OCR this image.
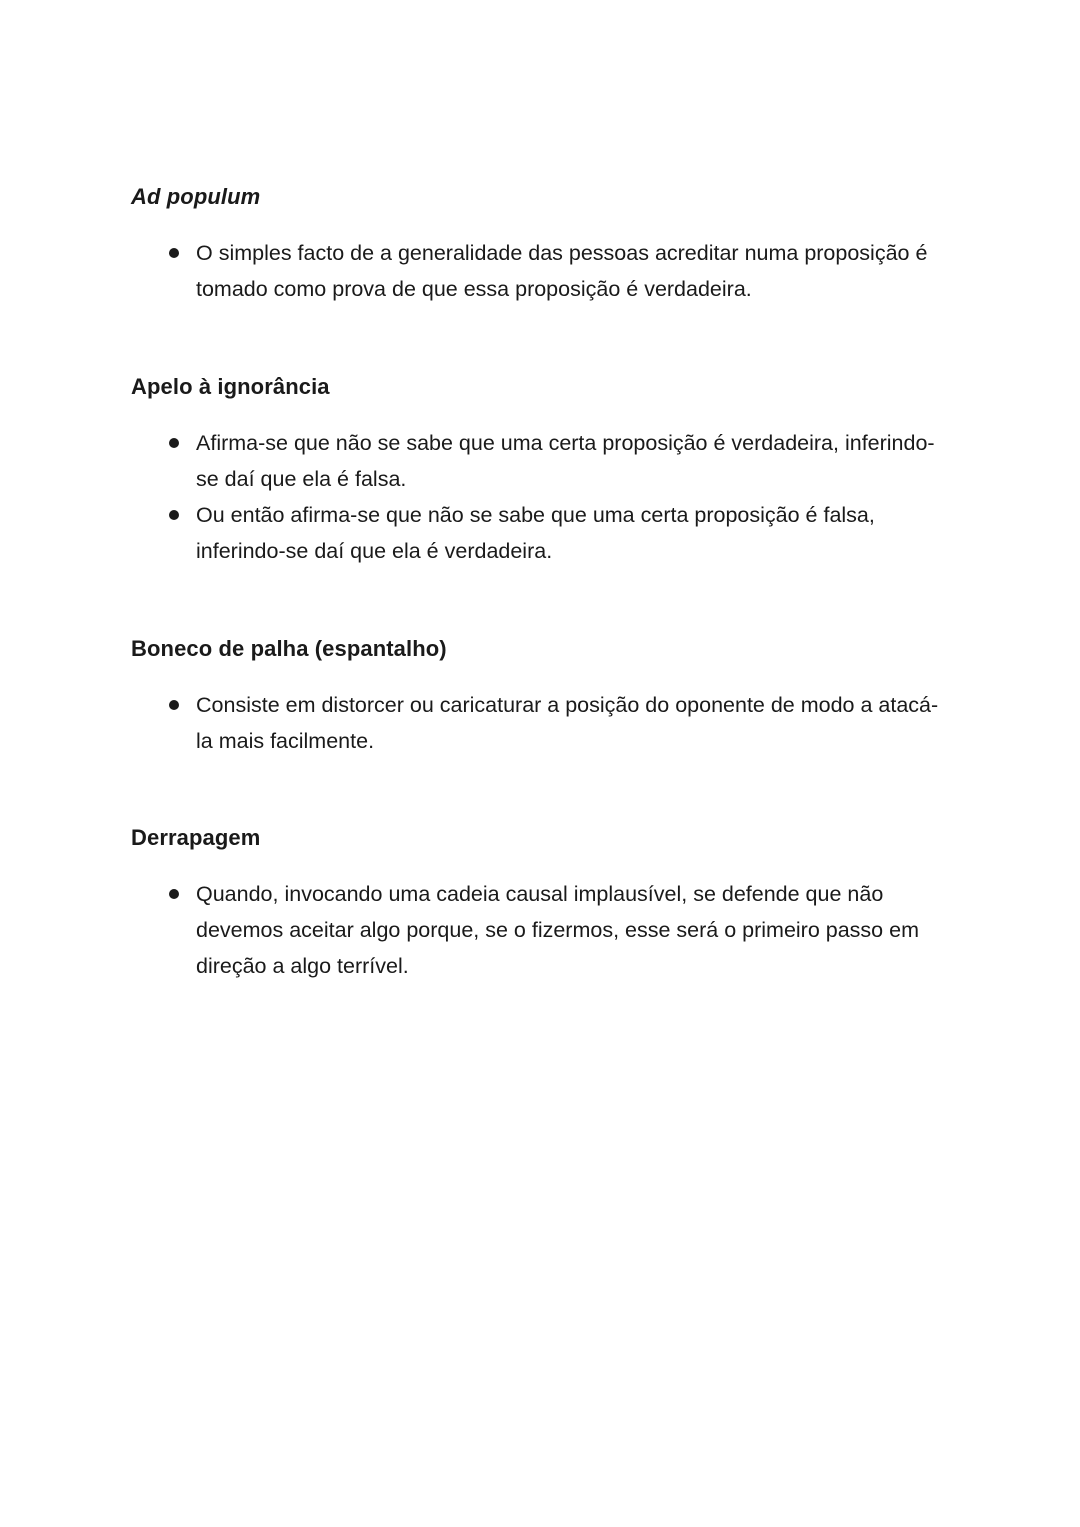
Ad populum
O simples facto de a generalidade das pessoas acreditar numa proposição é tomado como prova de que essa proposição é verdadeira.
Apelo à ignorância
Afirma-se que não se sabe que uma certa proposição é verdadeira, inferindo-se daí que ela é falsa.
Ou então afirma-se que não se sabe que uma certa proposição é falsa, inferindo-se daí que ela é verdadeira.
Boneco de palha (espantalho)
Consiste em distorcer ou caricaturar a posição do oponente de modo a atacá-la mais facilmente.
Derrapagem
Quando, invocando uma cadeia causal implausível, se defende que não devemos aceitar algo porque, se o fizermos, esse será o primeiro passo em direção a algo terrível.
